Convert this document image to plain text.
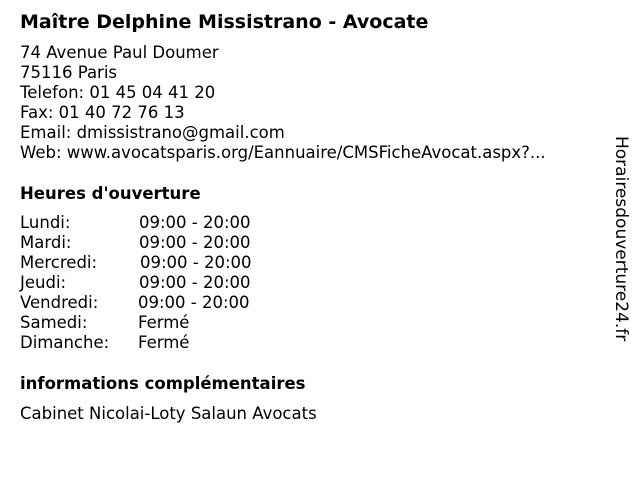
Maître Delphine Missistrano - Avocate
74 Avenue Paul Doumer
75116 Paris
Telefon: 01 45 04 41 20
Fax: 01 40 72 76 13
Email: dmissistrano@gmail.com
Web: www.avocatsparis.org/Eannuaire/CMSFicheAvocat.aspx?...
Heures d'ouverture
Lundi:	09:00 - 20:00
Mardi:	09:00 - 20:00
Mercredi:	09:00 - 20:00
Jeudi:	09:00 - 20:00
Vendredi: 09:00 - 20:00
Samedi:	Fermé
Dimanche: Fermé
informations complémentaires
Cabinet Nicolai-Loty Salaun Avocats
Horairesdouverture24.fr
